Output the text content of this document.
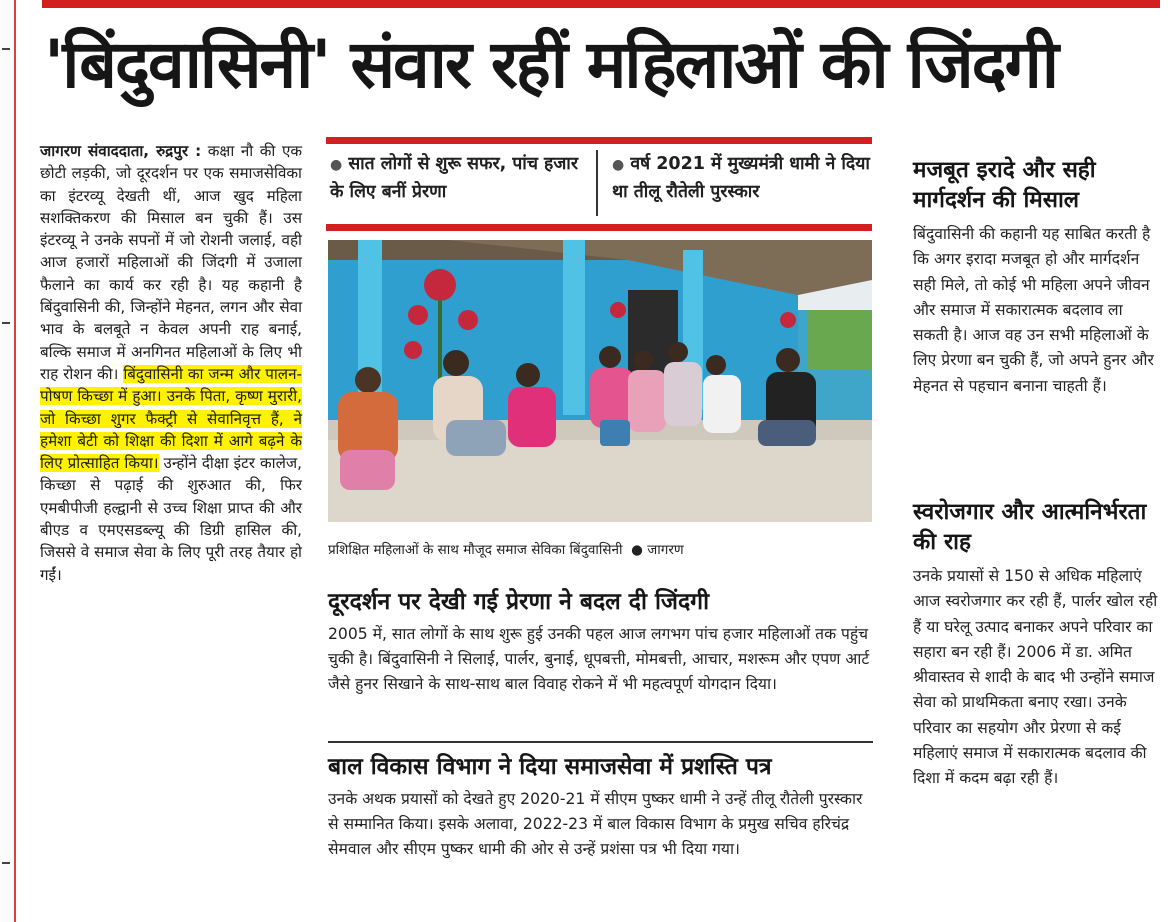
'बिंदुवासिनी' संवार रहीं महिलाओं की जिंदगी
जागरण संवाददाता, रुद्रपुर : कक्षा नौ की एक छोटी लड़की, जो दूरदर्शन पर एक समाजसेविका का इंटरव्यू देखती थीं, आज खुद महिला सशक्तिकरण की मिसाल बन चुकी हैं। उस इंटरव्यू ने उनके सपनों में जो रोशनी जलाई, वही आज हजारों महिलाओं की जिंदगी में उजाला फैलाने का कार्य कर रही है। यह कहानी है बिंदुवासिनी की, जिन्होंने मेहनत, लगन और सेवा भाव के बलबूते न केवल अपनी राह बनाई, बल्कि समाज में अनगिनत महिलाओं के लिए भी राह रोशन की। बिंदुवासिनी का जन्म और पालन-पोषण किच्छा में हुआ। उनके पिता, कृष्ण मुरारी, जो किच्छा शुगर फैक्ट्री से सेवानिवृत्त हैं, ने हमेशा बेटी को शिक्षा की दिशा में आगे बढ़ने के लिए प्रोत्साहित किया। उन्होंने दीक्षा इंटर कालेज, किच्छा से पढ़ाई की शुरुआत की, फिर एमबीपीजी हल्द्वानी से उच्च शिक्षा प्राप्त की और बीएड व एमएसडब्ल्यू की डिग्री हासिल की, जिससे वे समाज सेवा के लिए पूरी तरह तैयार हो गईं।
● सात लोगों से शुरू सफर, पांच हजार के लिए बनीं प्रेरणा
● वर्ष 2021 में मुख्यमंत्री धामी ने दिया था तीलू रौतेली पुरस्कार
प्रशिक्षित महिलाओं के साथ मौजूद समाज सेविका बिंदुवासिनी  ● जागरण
दूरदर्शन पर देखी गई प्रेरणा ने बदल दी जिंदगी
2005 में, सात लोगों के साथ शुरू हुई उनकी पहल आज लगभग पांच हजार महिलाओं तक पहुंच चुकी है। बिंदुवासिनी ने सिलाई, पार्लर, बुनाई, धूपबत्ती, मोमबत्ती, आचार, मशरूम और एपण आर्ट जैसे हुनर सिखाने के साथ-साथ बाल विवाह रोकने में भी महत्वपूर्ण योगदान दिया।
बाल विकास विभाग ने दिया समाजसेवा में प्रशस्ति पत्र
उनके अथक प्रयासों को देखते हुए 2020-21 में सीएम पुष्कर धामी ने उन्हें तीलू रौतेली पुरस्कार से सम्मानित किया। इसके अलावा, 2022-23 में बाल विकास विभाग के प्रमुख सचिव हरिचंद्र सेमवाल और सीएम पुष्कर धामी की ओर से उन्हें प्रशंसा पत्र भी दिया गया।
मजबूत इरादे और सही मार्गदर्शन की मिसाल
बिंदुवासिनी की कहानी यह साबित करती है कि अगर इरादा मजबूत हो और मार्गदर्शन सही मिले, तो कोई भी महिला अपने जीवन और समाज में सकारात्मक बदलाव ला सकती है। आज वह उन सभी महिलाओं के लिए प्रेरणा बन चुकी हैं, जो अपने हुनर और मेहनत से पहचान बनाना चाहती हैं।
स्वरोजगार और आत्मनिर्भरता की राह
उनके प्रयासों से 150 से अधिक महिलाएं आज स्वरोजगार कर रही हैं, पार्लर खोल रही हैं या घरेलू उत्पाद बनाकर अपने परिवार का सहारा बन रही हैं। 2006 में डा. अमित श्रीवास्तव से शादी के बाद भी उन्होंने समाज सेवा को प्राथमिकता बनाए रखा। उनके परिवार का सहयोग और प्रेरणा से कई महिलाएं समाज में सकारात्मक बदलाव की दिशा में कदम बढ़ा रही हैं।
